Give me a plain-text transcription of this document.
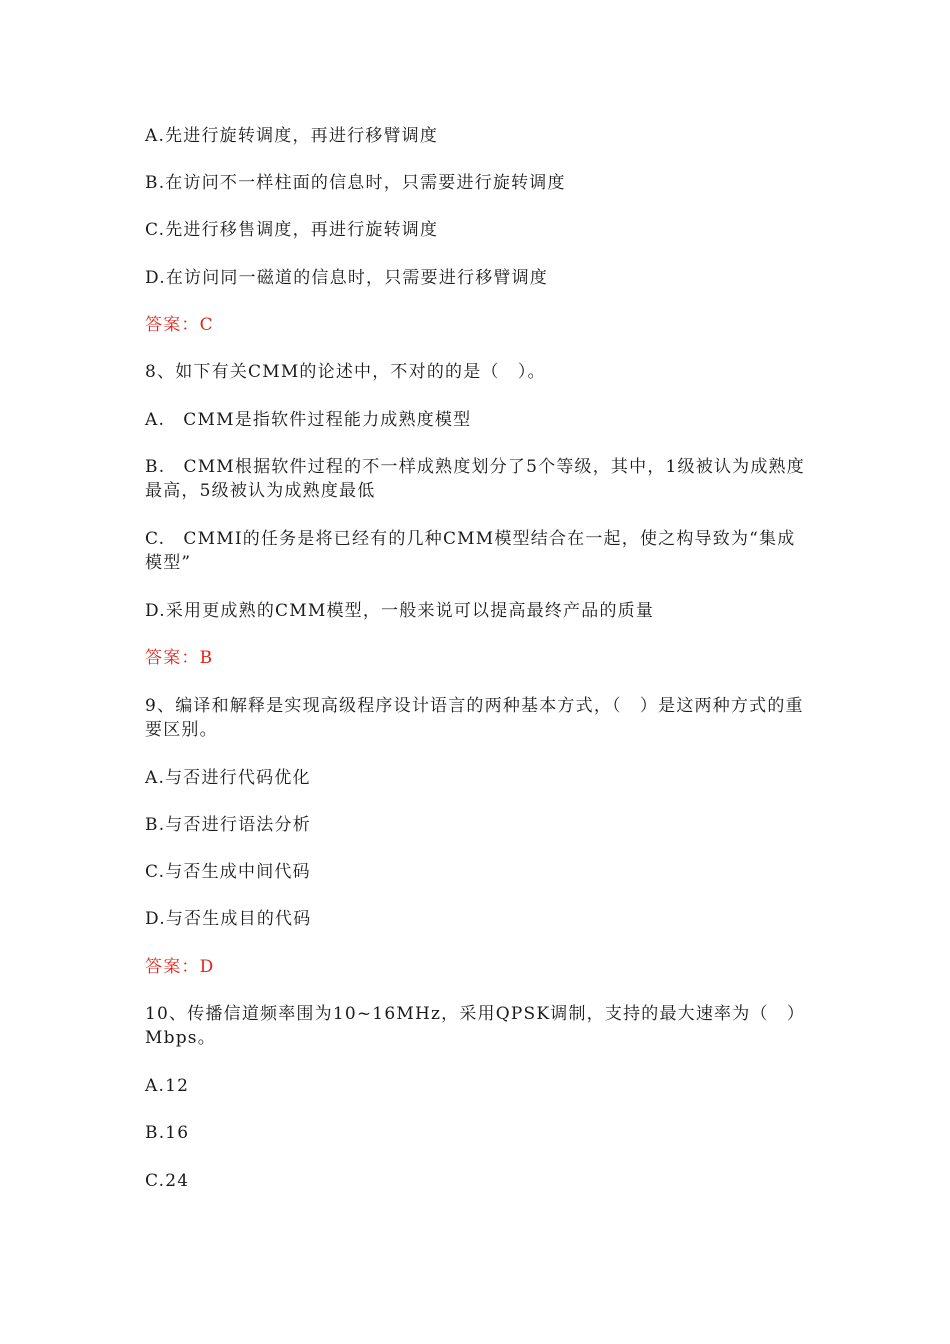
A.先进行旋转调度，再进行移臂调度

B.在访问不一样柱面的信息时，只需要进行旋转调度

C.先进行移售调度，再进行旋转调度

D.在访问同一磁道的信息时，只需要进行移臂调度

答案：C

8、如下有关CMM的论述中，不对的的是（　）。

A.　CMM是指软件过程能力成熟度模型

B.　CMM根据软件过程的不一样成熟度划分了5个等级，其中，1级被认为成熟度最高，5级被认为成熟度最低

C.　CMMI的任务是将已经有的几种CMM模型结合在一起，使之构导致为“集成模型”

D.采用更成熟的CMM模型，一般来说可以提高最终产品的质量

答案：B

9、编译和解释是实现高级程序设计语言的两种基本方式，（　）是这两种方式的重要区别。

A.与否进行代码优化

B.与否进行语法分析

C.与否生成中间代码

D.与否生成目的代码

答案：D

10、传播信道频率围为10~16MHz，采用QPSK调制，支持的最大速率为（　）Mbps。

A.12

B.16

C.24
